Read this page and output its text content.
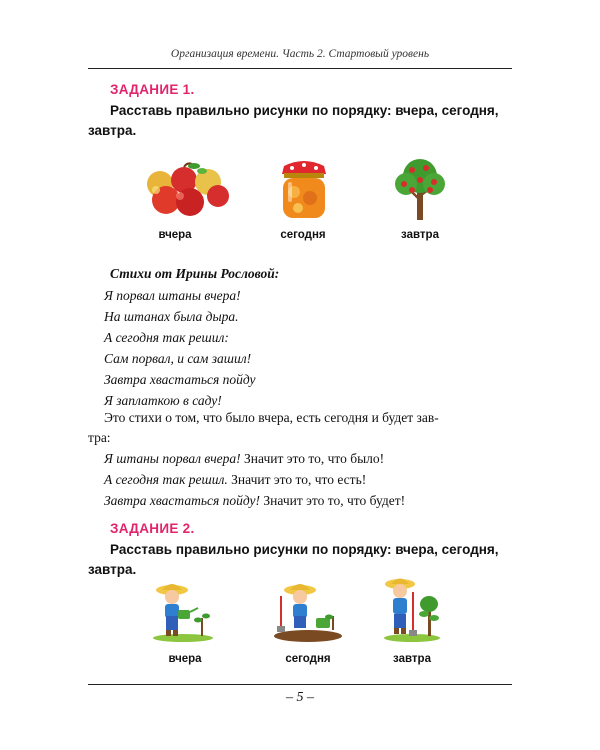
Организация времени. Часть 2. Стартовый уровень
ЗАДАНИЕ 1.
Расставь правильно рисунки по порядку: вчера, сегодня,
завтра.
вчера	сегодня	завтра
Стихи от Ирины Рословой:
Я порвал штаны вчера!
На штанах была дыра.
А сегодня так решил:
Сам порвал, и сам зашил!
Завтра хвастаться пойду
Я заплаткою в саду!
Это стихи о том, что было вчера, есть сегодня и будет зав-
тра:
Я штаны порвал вчера! Значит это то, что было!
А сегодня так решил. Значит это то, что есть!
Завтра хвастаться пойду! Значит это то, что будет!
ЗАДАНИЕ 2.
Расставь правильно рисунки по порядку: вчера, сегодня,
завтра.
вчера	сегодня	завтра
– 5 –
